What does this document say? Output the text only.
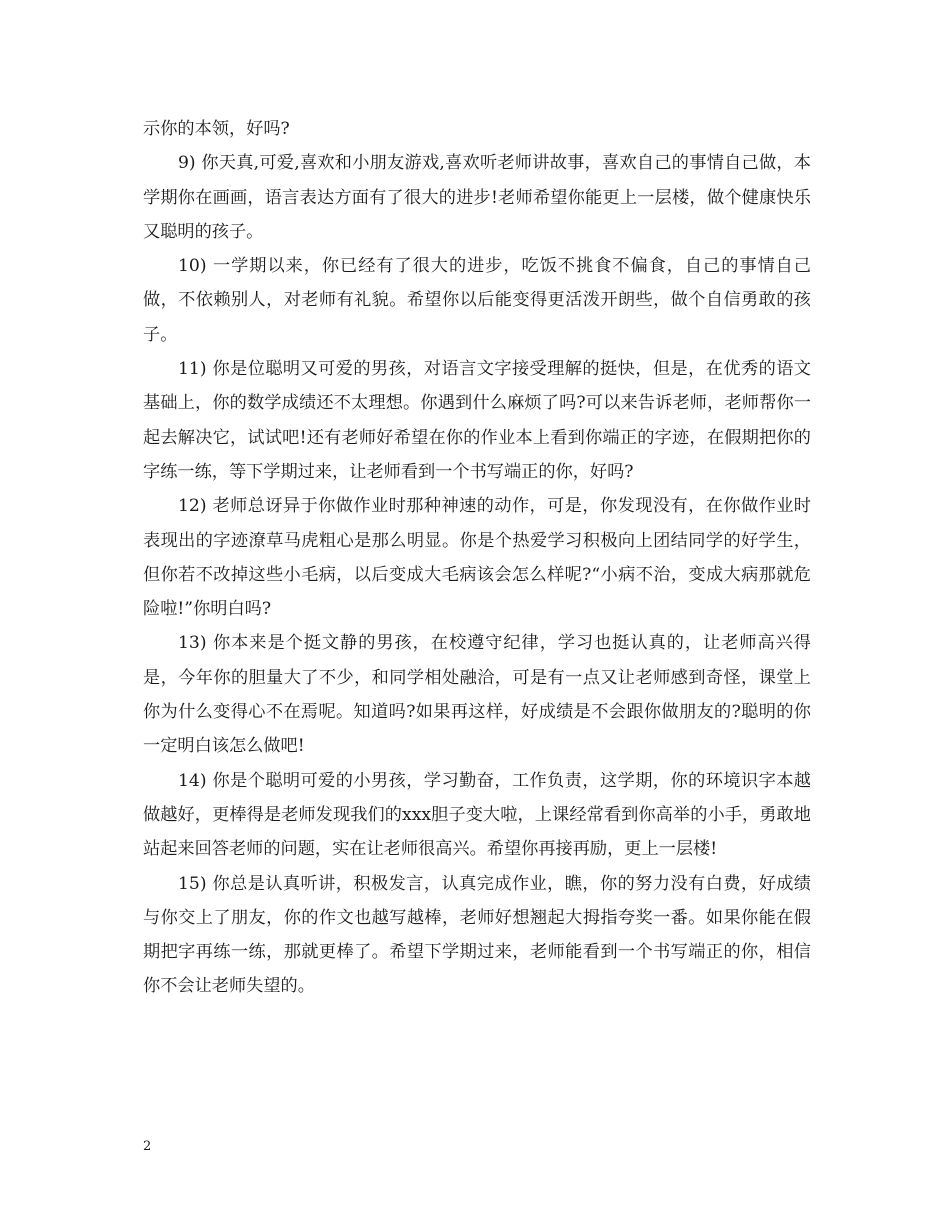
示你的本领，好吗?

9) 你天真,可爱,喜欢和小朋友游戏,喜欢听老师讲故事，喜欢自己的事情自己做，本学期你在画画，语言表达方面有了很大的进步!老师希望你能更上一层楼，做个健康快乐又聪明的孩子。

10) 一学期以来，你已经有了很大的进步，吃饭不挑食不偏食，自己的事情自己做，不依赖别人，对老师有礼貌。希望你以后能变得更活泼开朗些，做个自信勇敢的孩子。

11) 你是位聪明又可爱的男孩，对语言文字接受理解的挺快，但是，在优秀的语文基础上，你的数学成绩还不太理想。你遇到什么麻烦了吗?可以来告诉老师，老师帮你一起去解决它，试试吧!还有老师好希望在你的作业本上看到你端正的字迹，在假期把你的字练一练，等下学期过来，让老师看到一个书写端正的你，好吗?

12) 老师总讶异于你做作业时那种神速的动作，可是，你发现没有，在你做作业时表现出的字迹潦草马虎粗心是那么明显。你是个热爱学习积极向上团结同学的好学生，但你若不改掉这些小毛病，以后变成大毛病该会怎么样呢?“小病不治，变成大病那就危险啦!”你明白吗?

13) 你本来是个挺文静的男孩，在校遵守纪律，学习也挺认真的，让老师高兴得是，今年你的胆量大了不少，和同学相处融洽，可是有一点又让老师感到奇怪，课堂上你为什么变得心不在焉呢。知道吗?如果再这样，好成绩是不会跟你做朋友的?聪明的你一定明白该怎么做吧!

14) 你是个聪明可爱的小男孩，学习勤奋，工作负责，这学期，你的环境识字本越做越好，更棒得是老师发现我们的xxx胆子变大啦，上课经常看到你高举的小手，勇敢地站起来回答老师的问题，实在让老师很高兴。希望你再接再励，更上一层楼!

15) 你总是认真听讲，积极发言，认真完成作业，瞧，你的努力没有白费，好成绩与你交上了朋友，你的作文也越写越棒，老师好想翘起大拇指夸奖一番。如果你能在假期把字再练一练，那就更棒了。希望下学期过来，老师能看到一个书写端正的你，相信你不会让老师失望的。

2
